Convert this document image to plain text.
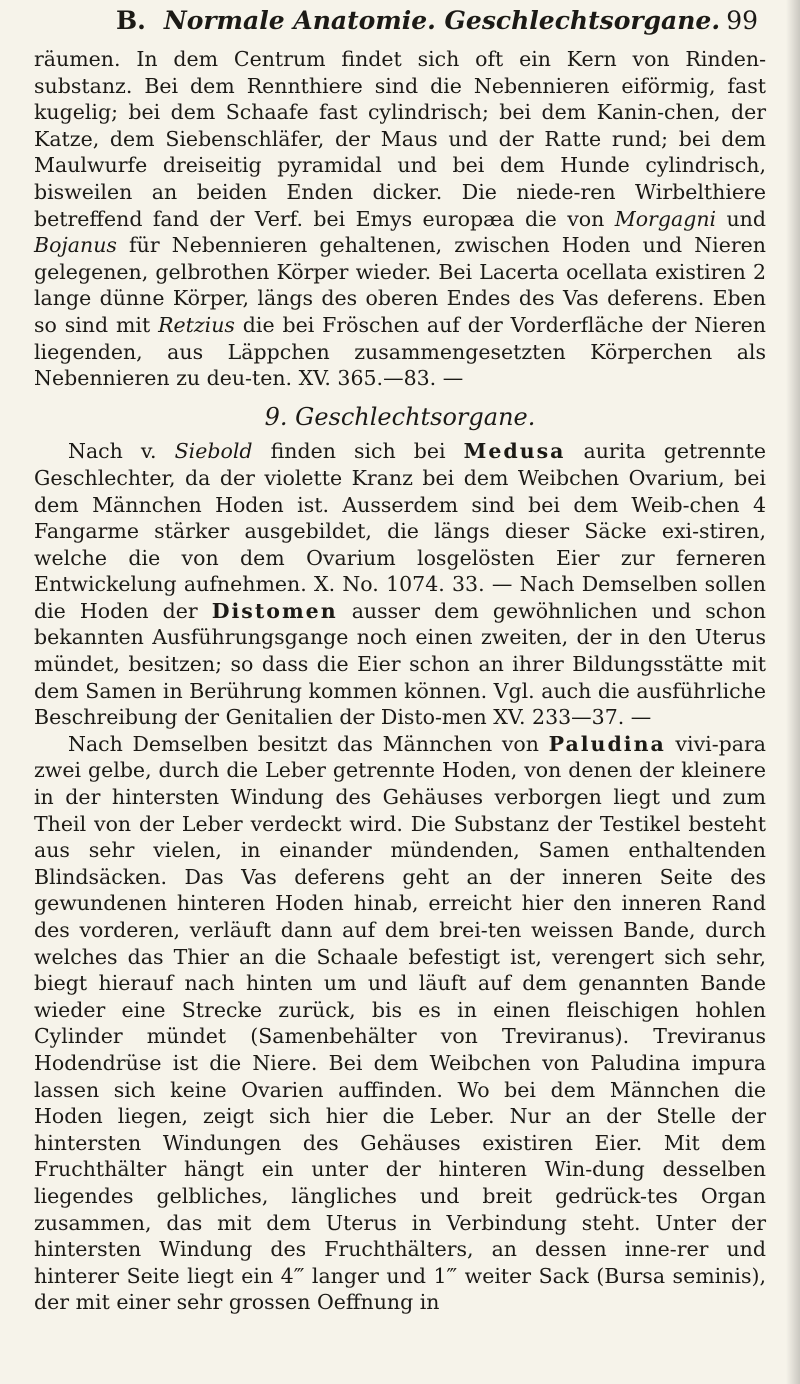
B. Normale Anatomie. Geschlechtsorgane. 99

räumen. In dem Centrum findet sich oft ein Kern von Rinden-substanz. Bei dem Rennthiere sind die Nebennieren eiförmig, fast kugelig; bei dem Schaafe fast cylindrisch; bei dem Kanin-chen, der Katze, dem Siebenschläfer, der Maus und der Ratte rund; bei dem Maulwurfe dreiseitig pyramidal und bei dem Hunde cylindrisch, bisweilen an beiden Enden dicker. Die niede-ren Wirbelthiere betreffend fand der Verf. bei Emys europæa die von Morgagni und Bojanus für Nebennieren gehaltenen, zwischen Hoden und Nieren gelegenen, gelbrothen Körper wieder. Bei Lacerta ocellata existiren 2 lange dünne Körper, längs des oberen Endes des Vas deferens. Eben so sind mit Retzius die bei Fröschen auf der Vorderfläche der Nieren liegenden, aus Läppchen zusammengesetzten Körperchen als Nebennieren zu deu-ten. XV. 365.—83. —

9. Geschlechtsorgane.

Nach v. Siebold finden sich bei Medusa aurita getrennte Geschlechter, da der violette Kranz bei dem Weibchen Ovarium, bei dem Männchen Hoden ist. Ausserdem sind bei dem Weib-chen 4 Fangarme stärker ausgebildet, die längs dieser Säcke exi-stiren, welche die von dem Ovarium losgelösten Eier zur ferneren Entwickelung aufnehmen. X. No. 1074. 33. — Nach Demselben sollen die Hoden der Distomen ausser dem gewöhnlichen und schon bekannten Ausführungsgange noch einen zweiten, der in den Uterus mündet, besitzen; so dass die Eier schon an ihrer Bildungsstätte mit dem Samen in Berührung kommen können. Vgl. auch die ausführliche Beschreibung der Genitalien der Disto-men XV. 233—37. —

Nach Demselben besitzt das Männchen von Paludina vivi-para zwei gelbe, durch die Leber getrennte Hoden, von denen der kleinere in der hintersten Windung des Gehäuses verborgen liegt und zum Theil von der Leber verdeckt wird. Die Substanz der Testikel besteht aus sehr vielen, in einander mündenden, Samen enthaltenden Blindsäcken. Das Vas deferens geht an der inneren Seite des gewundenen hinteren Hoden hinab, erreicht hier den inneren Rand des vorderen, verläuft dann auf dem brei-ten weissen Bande, durch welches das Thier an die Schaale befestigt ist, verengert sich sehr, biegt hierauf nach hinten um und läuft auf dem genannten Bande wieder eine Strecke zurück, bis es in einen fleischigen hohlen Cylinder mündet (Samenbehälter von Treviranus). Treviranus Hodendrüse ist die Niere. Bei dem Weibchen von Paludina impura lassen sich keine Ovarien auffinden. Wo bei dem Männchen die Hoden liegen, zeigt sich hier die Leber. Nur an der Stelle der hintersten Windungen des Gehäuses existiren Eier. Mit dem Fruchthälter hängt ein unter der hinteren Win-dung desselben liegendes gelbliches, längliches und breit gedrück-tes Organ zusammen, das mit dem Uterus in Verbindung steht. Unter der hintersten Windung des Fruchthälters, an dessen inne-rer und hinterer Seite liegt ein 4‴ langer und 1‴ weiter Sack (Bursa seminis), der mit einer sehr grossen Oeffnung in
